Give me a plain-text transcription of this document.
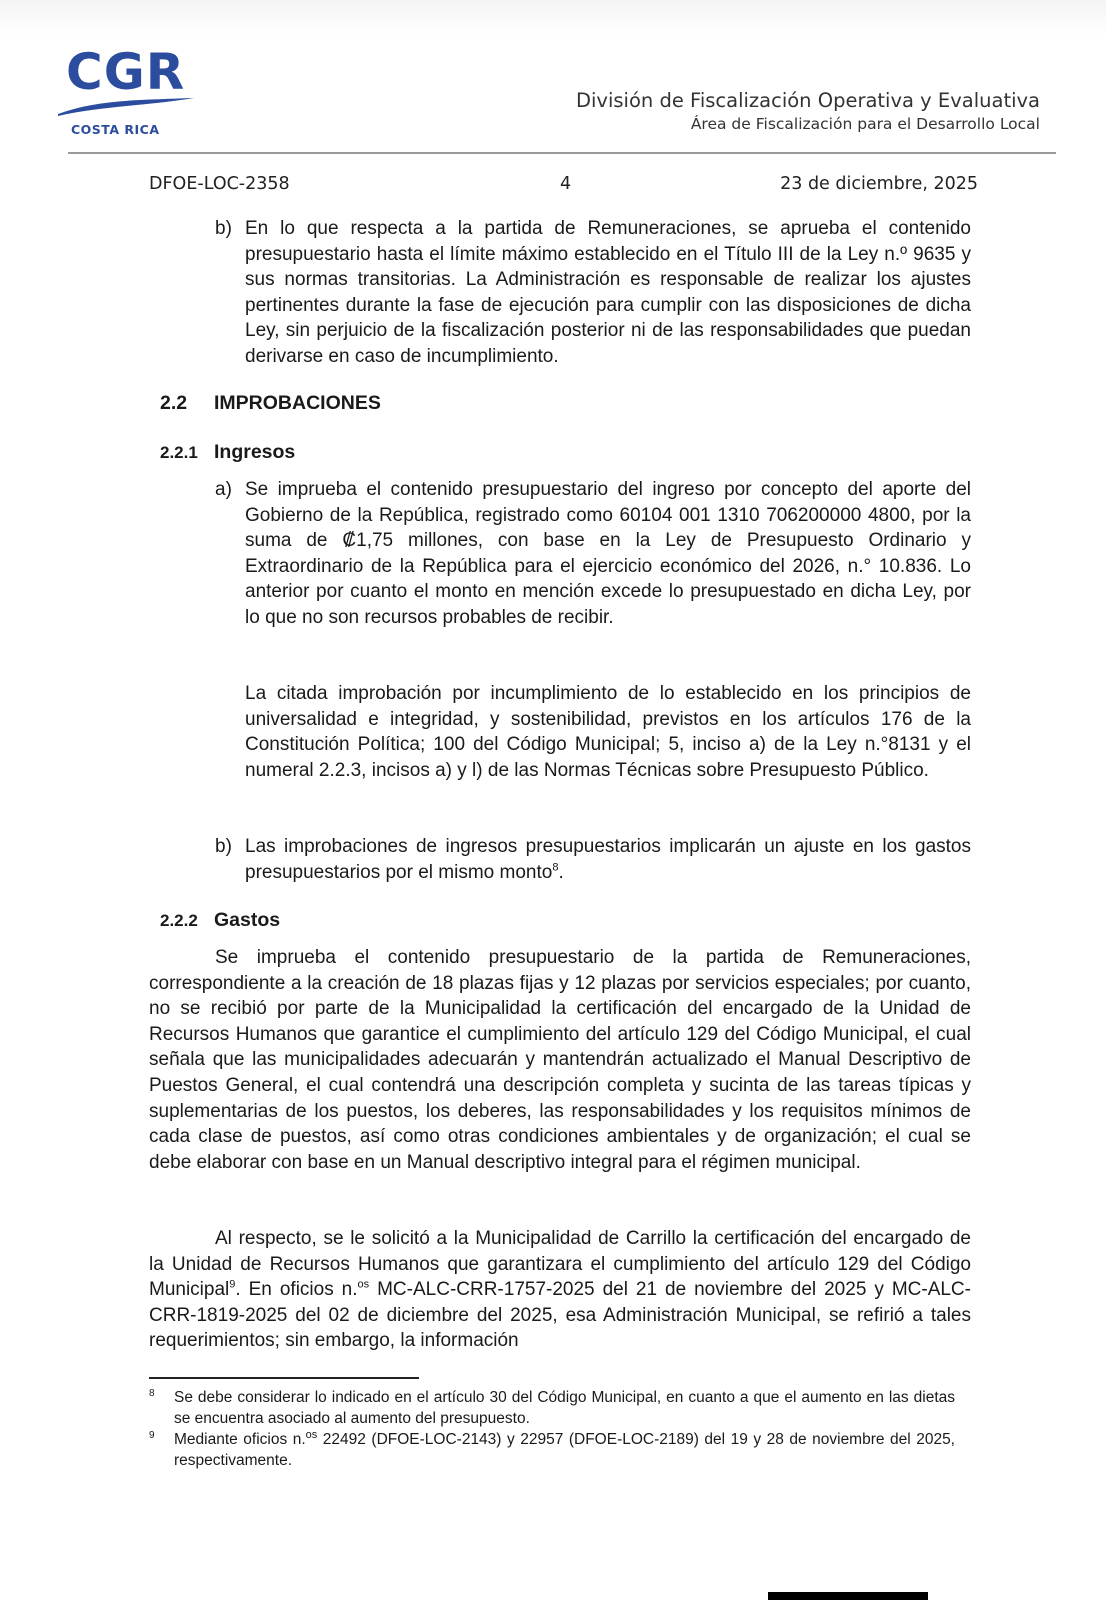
CGR
COSTA RICA
División de Fiscalización Operativa y Evaluativa
Área de Fiscalización para el Desarrollo Local
DFOE-LOC-2358	4	23 de diciembre, 2025
b) En lo que respecta a la partida de Remuneraciones, se aprueba el contenido presupuestario hasta el límite máximo establecido en el Título III de la Ley n.º 9635 y sus normas transitorias. La Administración es responsable de realizar los ajustes pertinentes durante la fase de ejecución para cumplir con las disposiciones de dicha Ley, sin perjuicio de la fiscalización posterior ni de las responsabilidades que puedan derivarse en caso de incumplimiento.
2.2 IMPROBACIONES
2.2.1 Ingresos
a) Se imprueba el contenido presupuestario del ingreso por concepto del aporte del Gobierno de la República, registrado como 60104 001 1310 706200000 4800, por la suma de ₡1,75 millones, con base en la Ley de Presupuesto Ordinario y Extraordinario de la República para el ejercicio económico del 2026, n.° 10.836. Lo anterior por cuanto el monto en mención excede lo presupuestado en dicha Ley, por lo que no son recursos probables de recibir.
La citada improbación por incumplimiento de lo establecido en los principios de universalidad e integridad, y sostenibilidad, previstos en los artículos 176 de la Constitución Política; 100 del Código Municipal; 5, inciso a) de la Ley n.°8131 y el numeral 2.2.3, incisos a) y l) de las Normas Técnicas sobre Presupuesto Público.
b) Las improbaciones de ingresos presupuestarios implicarán un ajuste en los gastos presupuestarios por el mismo monto$^8$.
2.2.2 Gastos
Se imprueba el contenido presupuestario de la partida de Remuneraciones, correspondiente a la creación de 18 plazas fijas y 12 plazas por servicios especiales; por cuanto, no se recibió por parte de la Municipalidad la certificación del encargado de la Unidad de Recursos Humanos que garantice el cumplimiento del artículo 129 del Código Municipal, el cual señala que las municipalidades adecuarán y mantendrán actualizado el Manual Descriptivo de Puestos General, el cual contendrá una descripción completa y sucinta de las tareas típicas y suplementarias de los puestos, los deberes, las responsabilidades y los requisitos mínimos de cada clase de puestos, así como otras condiciones ambientales y de organización; el cual se debe elaborar con base en un Manual descriptivo integral para el régimen municipal.
Al respecto, se le solicitó a la Municipalidad de Carrillo la certificación del encargado de la Unidad de Recursos Humanos que garantizara el cumplimiento del artículo 129 del Código Municipal$^9$. En oficios n.$^{os}$ MC-ALC-CRR-1757-2025 del 21 de noviembre del 2025 y MC-ALC-CRR-1819-2025 del 02 de diciembre del 2025, esa Administración Municipal, se refirió a tales requerimientos; sin embargo, la información
8 Se debe considerar lo indicado en el artículo 30 del Código Municipal, en cuanto a que el aumento en las dietas se encuentra asociado al aumento del presupuesto.
9 Mediante oficios n.$^{os}$ 22492 (DFOE-LOC-2143) y 22957 (DFOE-LOC-2189) del 19 y 28 de noviembre del 2025, respectivamente.
